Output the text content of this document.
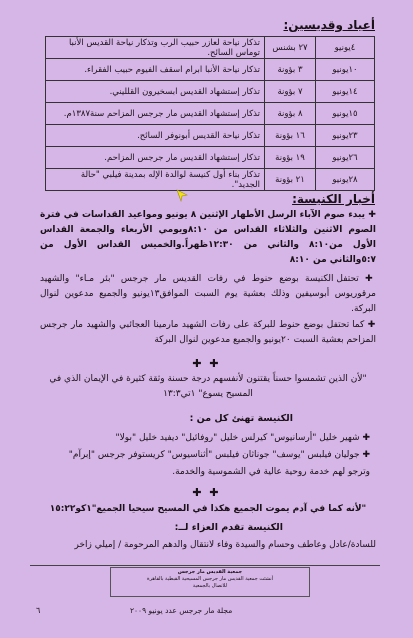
أعياد وقديسين:
٤يونيو	٢٧ بشنس	تذكار نياحة لعازر حبيب الرب وتذكار نياحة القديس الأنبا توماس السائح.
١٠يونيو	٣ بؤونة	تذكار نياحة الأنبا ابرام اسقف الفيوم حبيب الفقراء.
١٤يونيو	٧ بؤونة	تذكار إستشهاد القديس ابسخيرون القلليني.
١٥يونيو	٨ بؤونة	تذكار إستشهاد القديس مار جرجس المزاحم سنة١٣٨٧م.
٢٣يونيو	١٦ بؤونة	تذكار نياحة القديس أبونوفر السائح.
٢٦يونيو	١٩ بؤونة	تذكار إستشهاد القديس مار جرجس المزاحم.
٢٨يونيو	٢١ بؤونة	تذكار بناء أول كنيسة لوالدة الإله بمدينة فيلبي "حالة الجديد".
أخبار الكنيسة:

✚ يبدء صوم الآباء الرسل الأطهار الإثنين ٨ يونيو ومواعيد القداسات في فترة الصوم الاثنين والثلاثاء القداس من ٨:١٠ويومي الأربعاء والجمعة القداس الأول من٨:١٠ والثاني من ١٢:٣٠ظهراً.والخميس القداس الأول من ٥:٧والثاني من ٨:١٠

✚ تحتفل الكنيسة بوضع حنوط في رفات القديس مار جرجس "بئر مـاء" والشهيد مرقوريوس أبوسيفين وذلك بعشية يوم السبت الموافق١٣يونيو والجميع مدعوين لنوال البركة.

✚ كما تحتفل بوضع حنوط للبركة على رفات الشهيد مارمينا العجائبي والشهيد مار جرجس المزاحم بعشية السبت ٢٠يونيو والجميع مدعوين لنوال البركة

✚ ✚
"لأن الذين تشمسوا حسناً يقتنون لأنفسهم درجة حسنة وثقة كثيرة في الإيمان الذي في المسيح يسوع" ١تي١٣:٣
الكنيسة تهنئ كل من :
✚ شهير خليل "أرسانيوس" كيرلس خليل "روفائيل" ديفيد خليل "بولا"
✚ جوليان فيلبس "يوسف" جوناثان فيلبس "أثناسيوس" كريستوفر جرجس "إبرآم"
وترجو لهم خدمة روحية عالية في الشموسية والخدمة.
✚ ✚
"لأنه كما في آدم يموت الجميع هكذا في المسيح سيحيا الجميع"١كو١٥:٢٢
الكنيسة تقدم العزاء لــ:
للسادة/عادل وعاطف وحسام والسيدة وفاء لانتقال والدهم المرحومة / إميلي زاخر
جمعية القديس مار جرجس
أنشئت جمعية القديس مار جرجس المسيحية القبطية بالقاهرة
للاتصال بالجمعية
٦	مجلة مار جرجس عدد يونيو ٢٠٠٩
